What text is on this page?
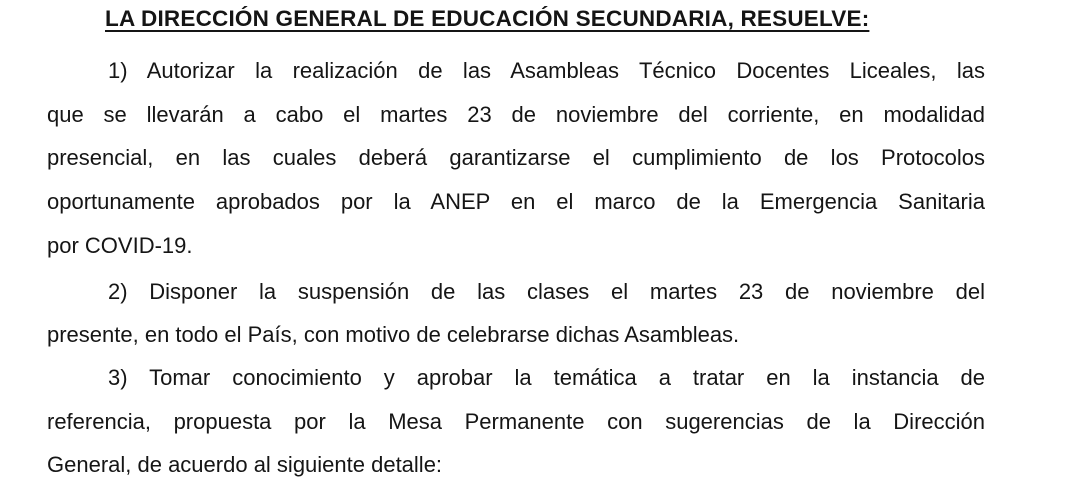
LA DIRECCIÓN GENERAL DE EDUCACIÓN SECUNDARIA, RESUELVE:

1) Autorizar la realización de las Asambleas Técnico Docentes Liceales, las

que se llevarán a cabo el martes 23 de noviembre del corriente, en modalidad

presencial, en las cuales deberá garantizarse el cumplimiento de los Protocolos

oportunamente aprobados por la ANEP en el marco de la Emergencia Sanitaria

por COVID-19.

2) Disponer la suspensión de las clases el martes 23 de noviembre del

presente, en todo el País, con motivo de celebrarse dichas Asambleas.

3) Tomar conocimiento y aprobar la temática a tratar en la instancia de

referencia, propuesta por la Mesa Permanente con sugerencias de la Dirección

General, de acuerdo al siguiente detalle:
